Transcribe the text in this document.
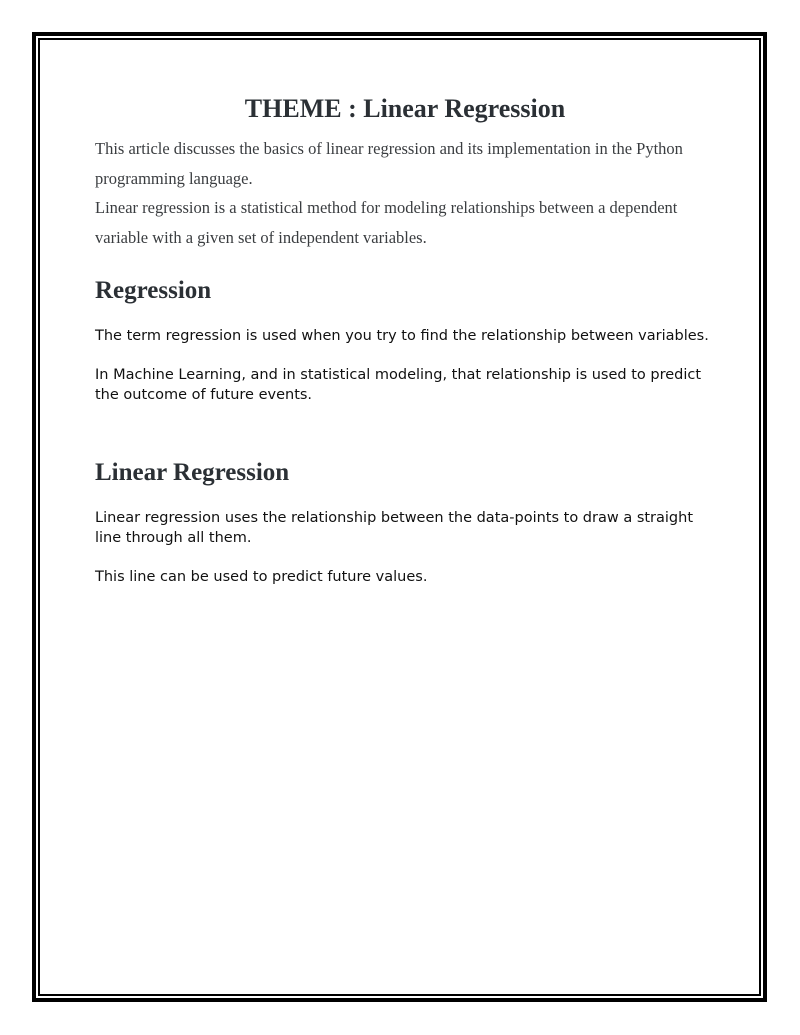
THEME : Linear Regression
This article discusses the basics of linear regression and its implementation in the Python programming language.
Linear regression is a statistical method for modeling relationships between a dependent variable with a given set of independent variables.
Regression

The term regression is used when you try to find the relationship between variables.

In Machine Learning, and in statistical modeling, that relationship is used to predict the outcome of future events.

Linear Regression

Linear regression uses the relationship between the data-points to draw a straight line through all them.

This line can be used to predict future values.
